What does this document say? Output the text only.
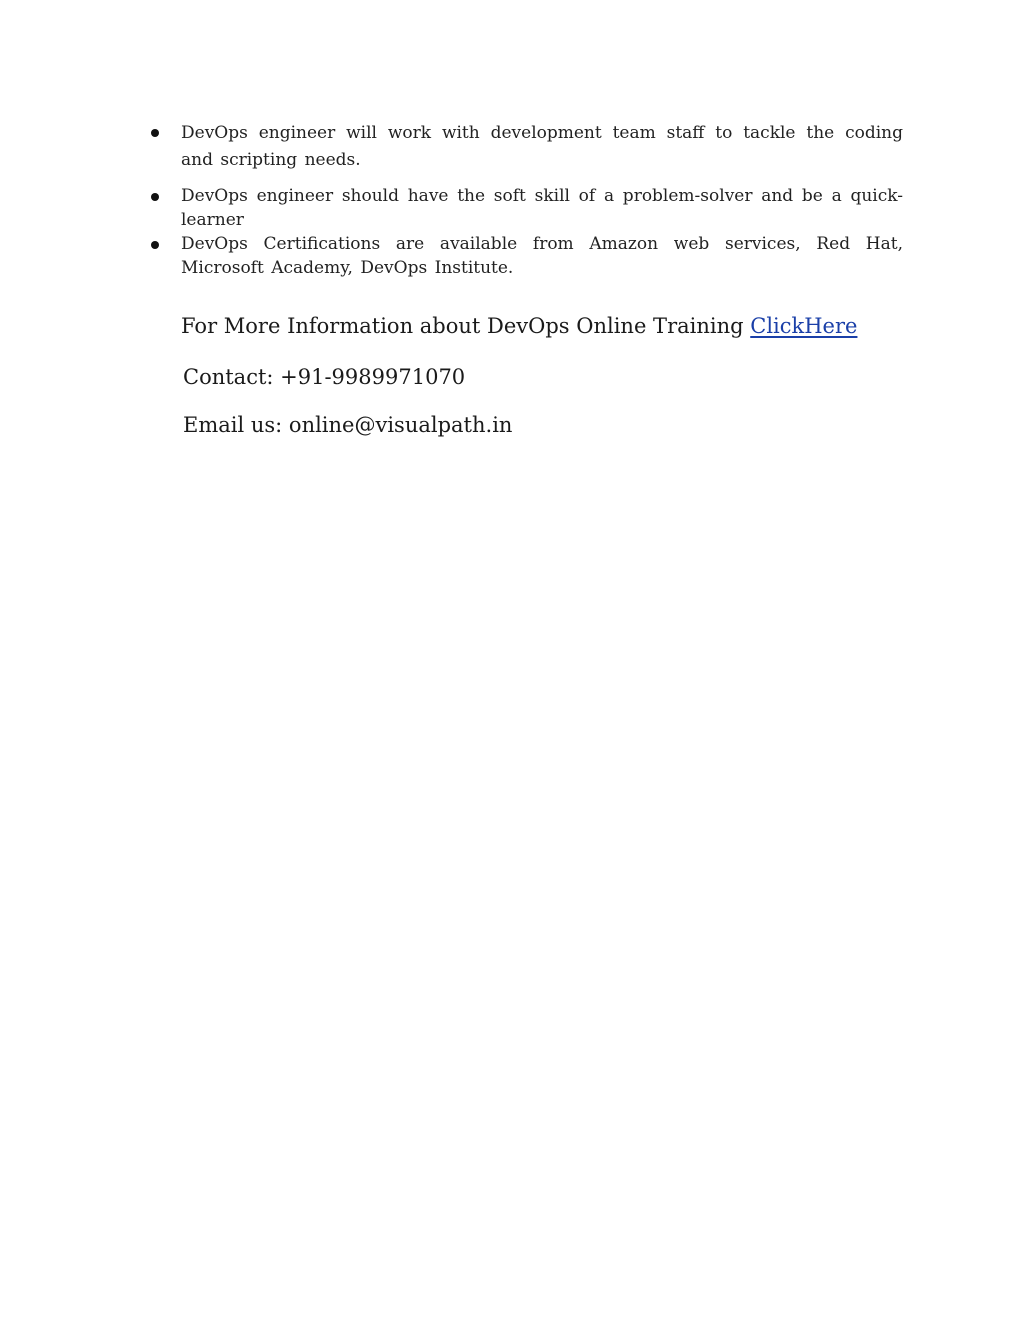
DevOps engineer will work with development team staff to tackle the coding and scripting needs.
DevOps engineer should have the soft skill of a problem-solver and be a quick-learner
DevOps Certifications are available from Amazon web services, Red Hat, Microsoft Academy, DevOps Institute.
For More Information about DevOps Online Training ClickHere
Contact: +91-9989971070
Email us: online@visualpath.in
